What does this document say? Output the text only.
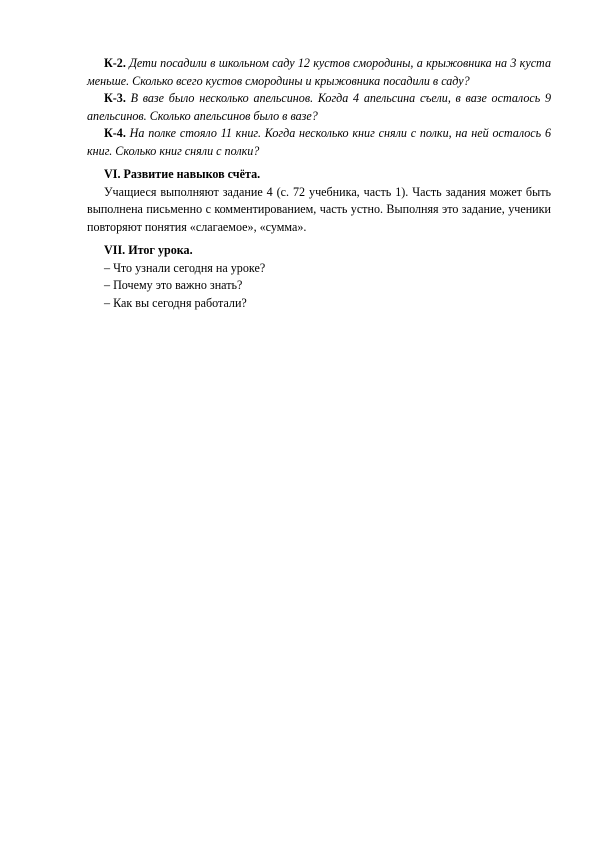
К-2. Дети посадили в школьном саду 12 кустов смородины, а крыжовника на 3 куста меньше. Сколько всего кустов смородины и крыжовника посадили в саду?

К-3. В вазе было несколько апельсинов. Когда 4 апельсина съели, в вазе осталось 9 апельсинов. Сколько апельсинов было в вазе?

К-4. На полке стояло 11 книг. Когда несколько книг сняли с полки, на ней осталось 6 книг. Сколько книг сняли с полки?

VI. Развитие навыков счёта.

Учащиеся выполняют задание 4 (с. 72 учебника, часть 1). Часть задания может быть выполнена письменно с комментированием, часть устно. Выполняя это задание, ученики повторяют понятия «слагаемое», «сумма».

VII. Итог урока.

– Что узнали сегодня на уроке?
– Почему это важно знать?
– Как вы сегодня работали?
